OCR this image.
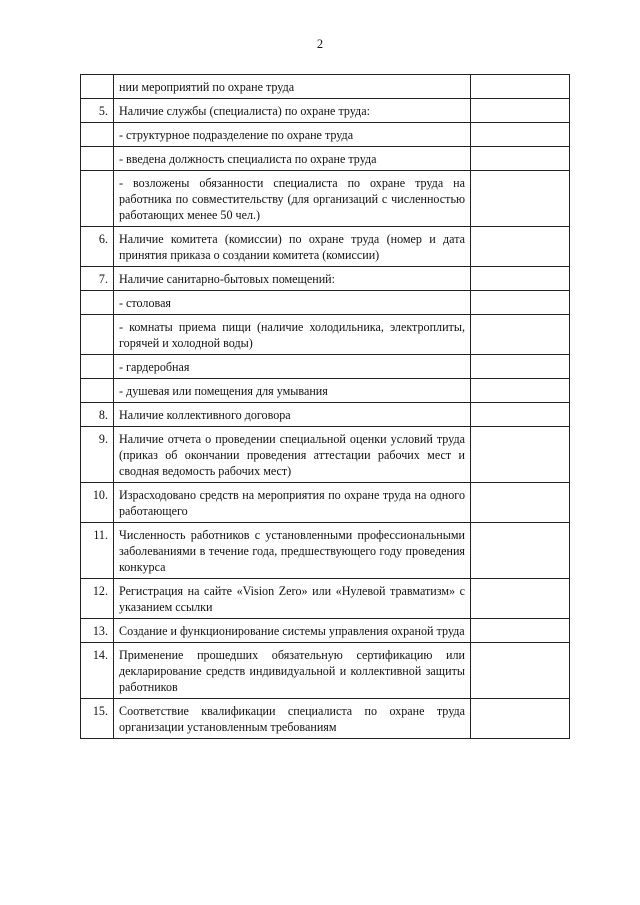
2
	нии мероприятий по охране труда	
5.	Наличие службы (специалиста) по охране труда:	
	- структурное подразделение по охране труда	
	- введена должность специалиста по охране труда	
	- возложены обязанности специалиста по охране труда на работника по совместительству (для организаций с численностью работающих менее 50 чел.)	
6.	Наличие комитета (комиссии) по охране труда (номер и дата принятия приказа о создании комитета (комиссии)	
7.	Наличие санитарно-бытовых помещений:	
	- столовая	
	- комнаты приема пищи (наличие холодильника, электроплиты, горячей и холодной воды)	
	- гардеробная	
	- душевая или помещения для умывания	
8.	Наличие коллективного договора	
9.	Наличие отчета о проведении специальной оценки условий труда (приказ об окончании проведения аттестации рабочих мест и сводная ведомость рабочих мест)	
10.	Израсходовано средств на мероприятия по охране труда на одного работающего	
11.	Численность работников с установленными профессиональными заболеваниями в течение года, предшествующего году проведения конкурса	
12.	Регистрация на сайте «Vision Zero» или «Нулевой травматизм» с указанием ссылки	
13.	Создание и функционирование системы управления охраной труда	
14.	Применение прошедших обязательную сертификацию или декларирование средств индивидуальной и коллективной защиты работников	
15.	Соответствие квалификации специалиста по охране труда организации установленным требованиям	
